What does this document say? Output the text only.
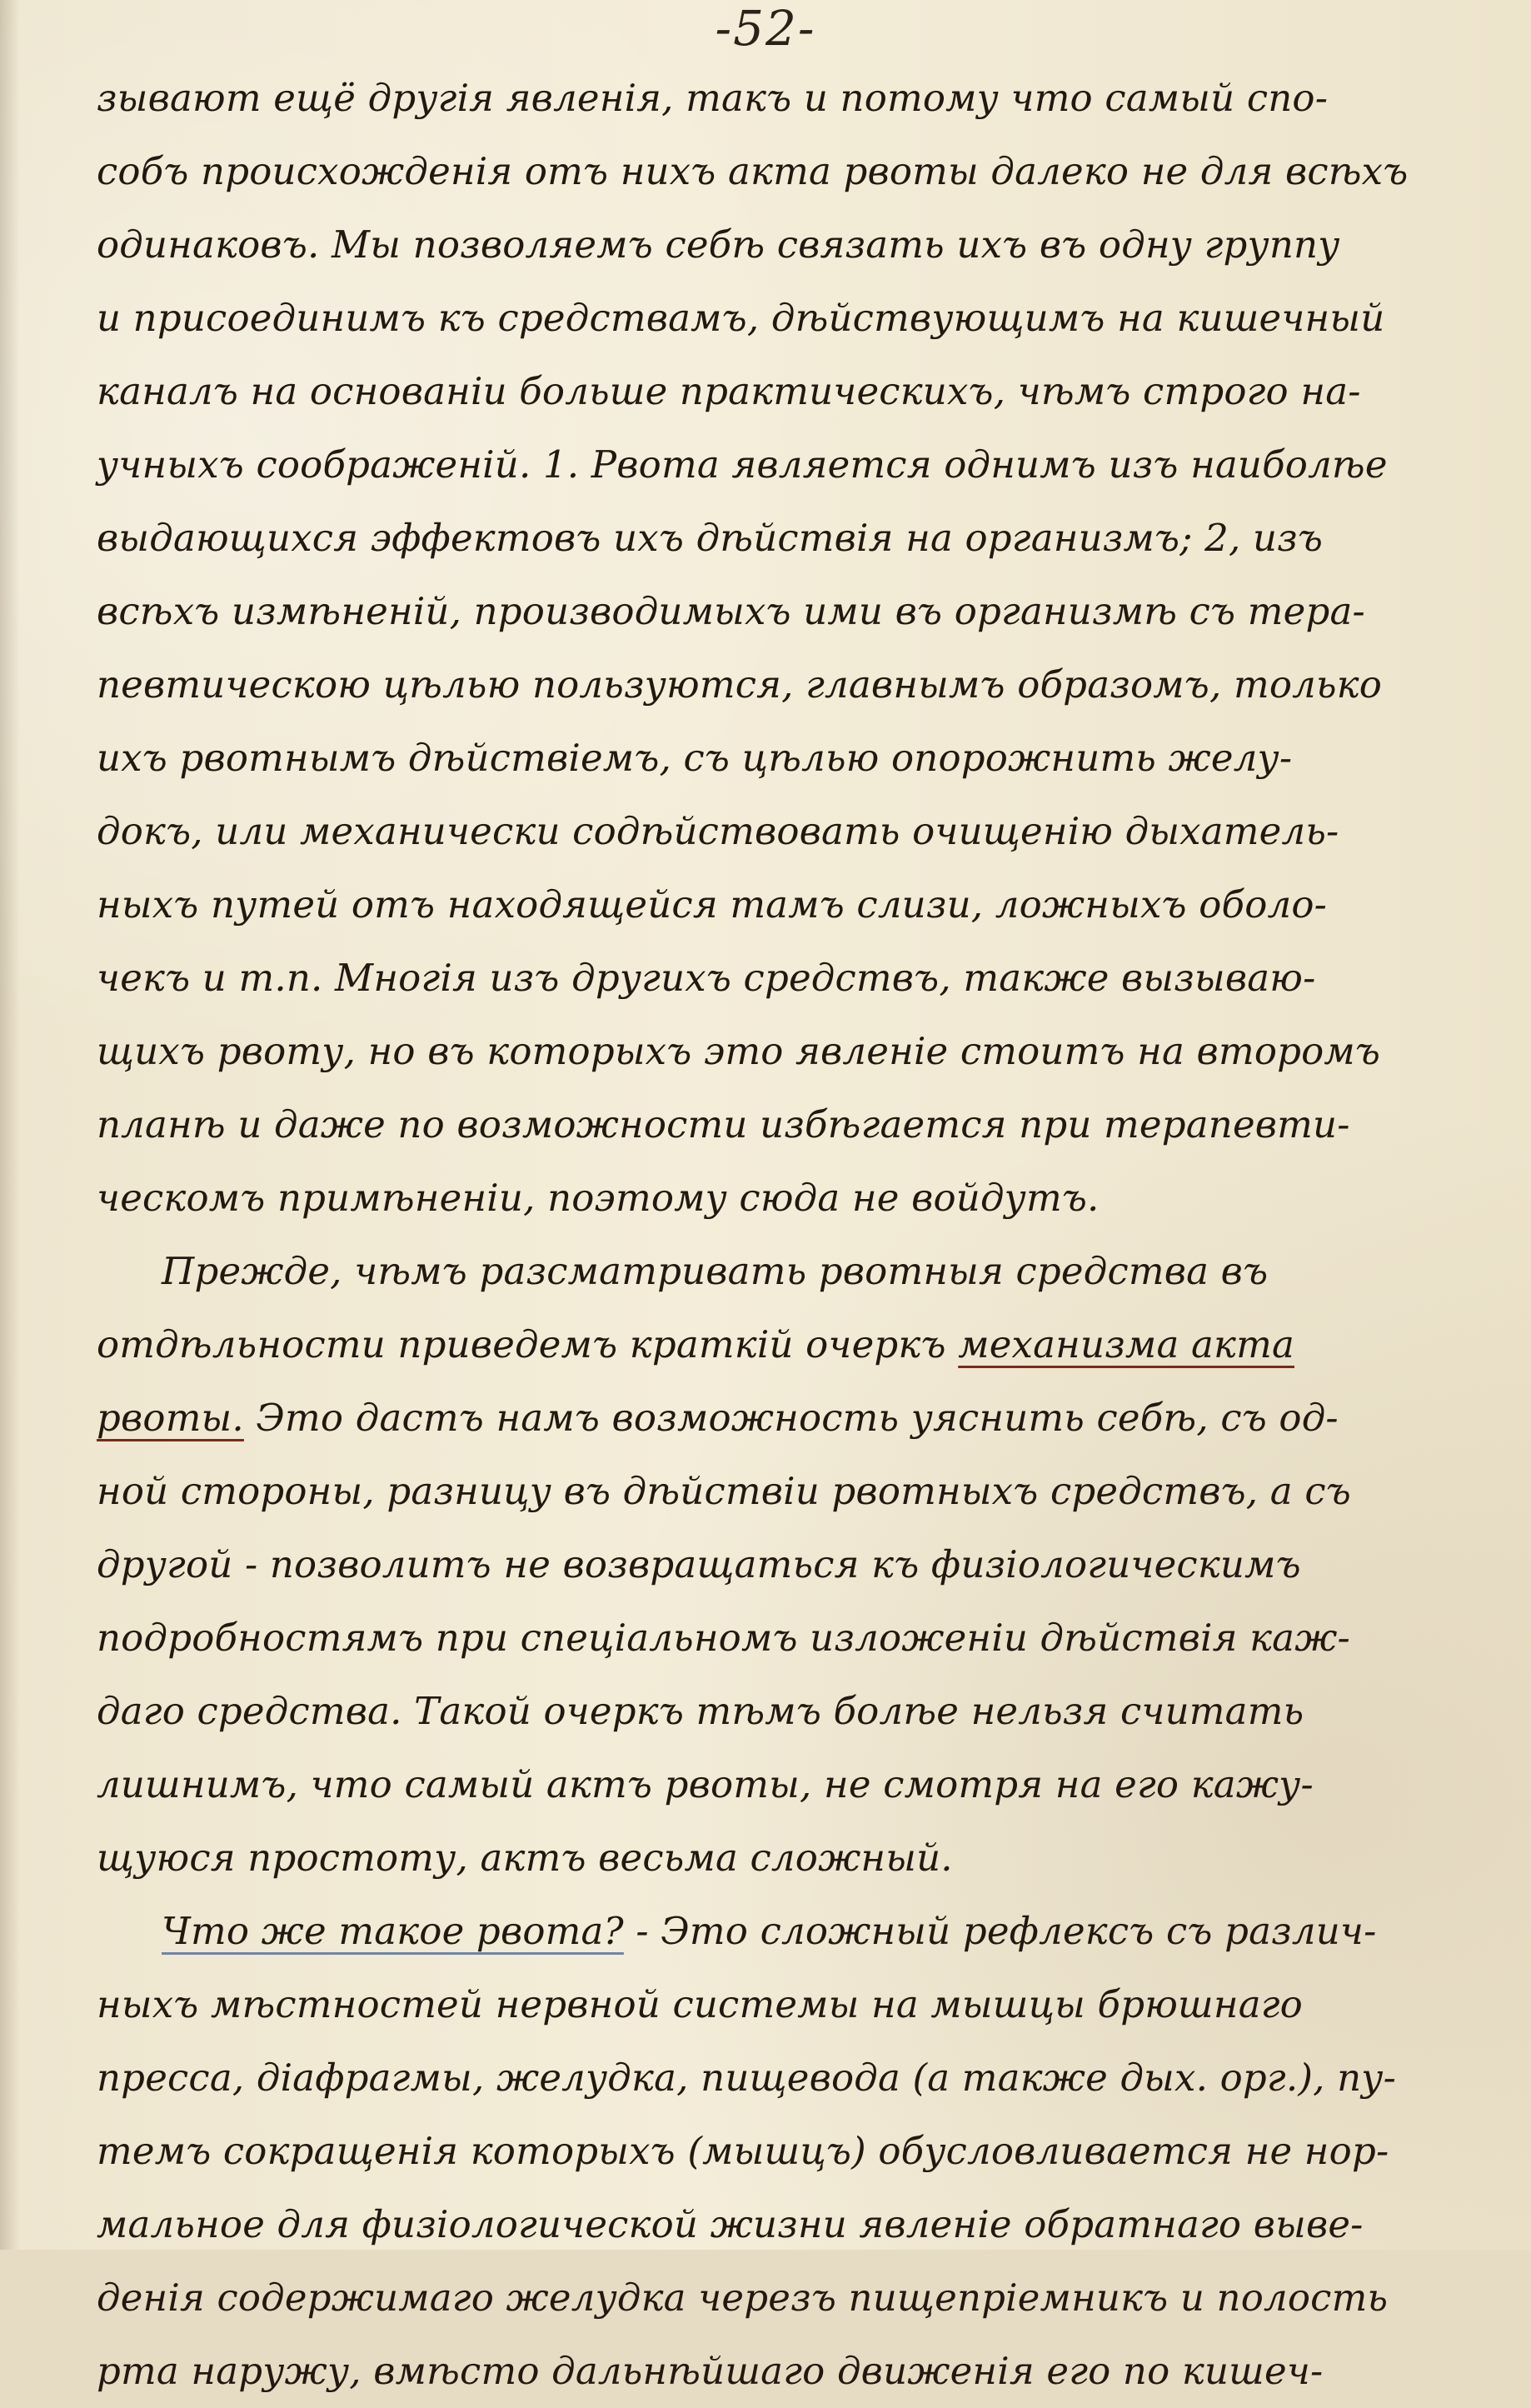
-52-
зывают ещё другія явленія, такъ и потому что самый спо-
собъ происхожденія отъ нихъ акта рвоты далеко не для всѣхъ
одинаковъ. Мы позволяемъ себѣ связать ихъ въ одну группу
и присоединимъ къ средствамъ, дѣйствующимъ на кишечный
каналъ на основаніи больше практическихъ, чѣмъ строго на-
учныхъ соображеній. 1. Рвота является однимъ изъ наиболѣе
выдающихся эффектовъ ихъ дѣйствія на организмъ; 2, изъ
всѣхъ измѣненій, производимыхъ ими въ организмѣ съ тера-
певтическою цѣлью пользуются, главнымъ образомъ, только
ихъ рвотнымъ дѣйствіемъ, съ цѣлью опорожнить желу-
докъ, или механически содѣйствовать очищенію дыхатель-
ныхъ путей отъ находящейся тамъ слизи, ложныхъ оболо-
чекъ и т.п. Многія изъ другихъ средствъ, также вызываю-
щихъ рвоту, но въ которыхъ это явленіе стоитъ на второмъ
планѣ и даже по возможности избѣгается при терапевти-
ческомъ примѣненіи, поэтому сюда не войдутъ.
Прежде, чѣмъ разсматривать рвотныя средства въ
отдѣльности приведемъ краткій очеркъ механизма акта
рвоты. Это дастъ намъ возможность уяснить себѣ, съ од-
ной стороны, разницу въ дѣйствіи рвотныхъ средствъ, а съ
другой - позволитъ не возвращаться къ физіологическимъ
подробностямъ при спеціальномъ изложеніи дѣйствія каж-
даго средства. Такой очеркъ тѣмъ болѣе нельзя считать
лишнимъ, что самый актъ рвоты, не смотря на его кажу-
щуюся простоту, актъ весьма сложный.
Что же такое рвота? - Это сложный рефлексъ съ различ-
ныхъ мѣстностей нервной системы на мышцы брюшнаго
пресса, діафрагмы, желудка, пищевода (а также дых. орг.), пу-
темъ сокращенія которыхъ (мышцъ) обусловливается не нор-
мальное для физіологической жизни явленіе обратнаго выве-
денія содержимаго желудка черезъ пищепріемникъ и полость
рта наружу, вмѣсто дальнѣйшаго движенія его по кишеч-
